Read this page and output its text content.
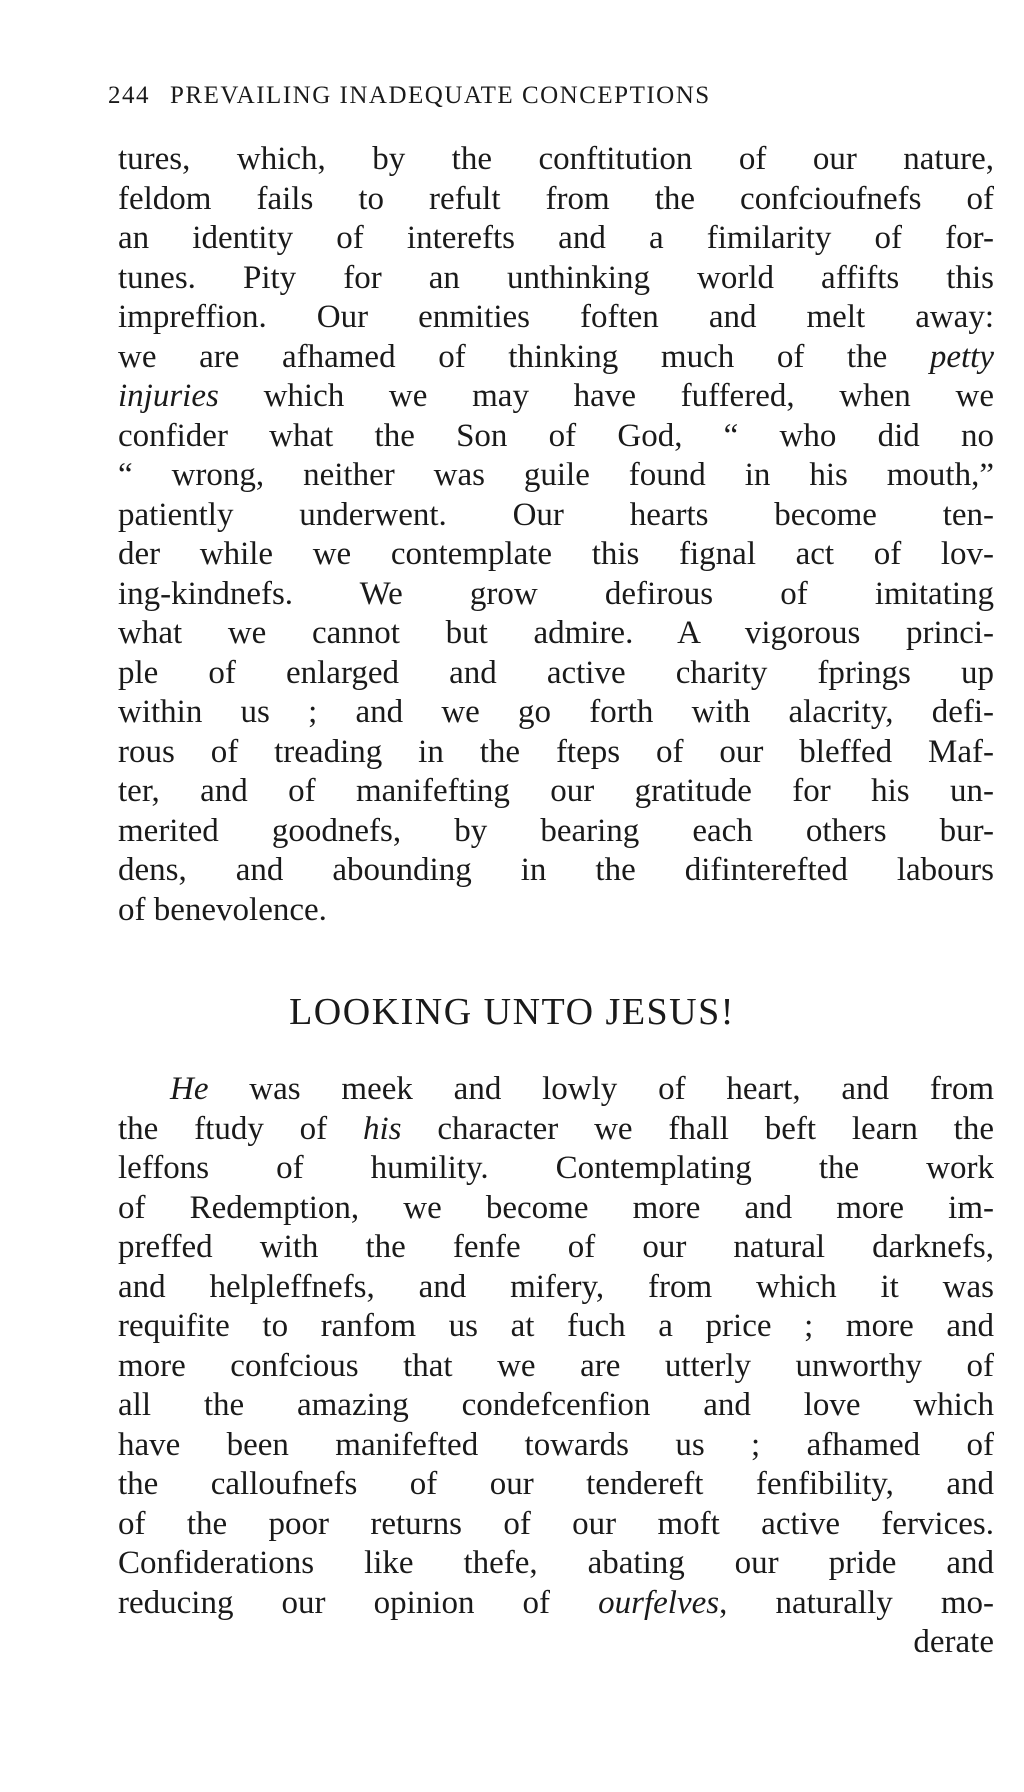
244 PREVAILING INADEQUATE CONCEPTIONS
tures, which, by the conftitution of our nature,
feldom fails to refult from the confcioufnefs of
an identity of interefts and a fimilarity of for-
tunes. Pity for an unthinking world affifts this
impreffion. Our enmities foften and melt away:
we are afhamed of thinking much of the petty
injuries which we may have fuffered, when we
confider what the Son of God, “ who did no
“ wrong, neither was guile found in his mouth,”
patiently underwent. Our hearts become ten-
der while we contemplate this fignal act of lov-
ing-kindnefs. We grow defirous of imitating
what we cannot but admire. A vigorous princi-
ple of enlarged and active charity fprings up
within us ; and we go forth with alacrity, defi-
rous of treading in the fteps of our bleffed Maf-
ter, and of manifefting our gratitude for his un-
merited goodnefs, by bearing each others bur-
dens, and abounding in the difinterefted labours
of benevolence.
LOOKING UNTO JESUS!
He was meek and lowly of heart, and from
the ftudy of his character we fhall beft learn the
leffons of humility. Contemplating the work
of Redemption, we become more and more im-
preffed with the fenfe of our natural darknefs,
and helpleffnefs, and mifery, from which it was
requifite to ranfom us at fuch a price ; more and
more confcious that we are utterly unworthy of
all the amazing condefcenfion and love which
have been manifefted towards us ; afhamed of
the calloufnefs of our tendereft fenfibility, and
of the poor returns of our moft active fervices.
Confiderations like thefe, abating our pride and
reducing our opinion of ourfelves, naturally mo-
derate
